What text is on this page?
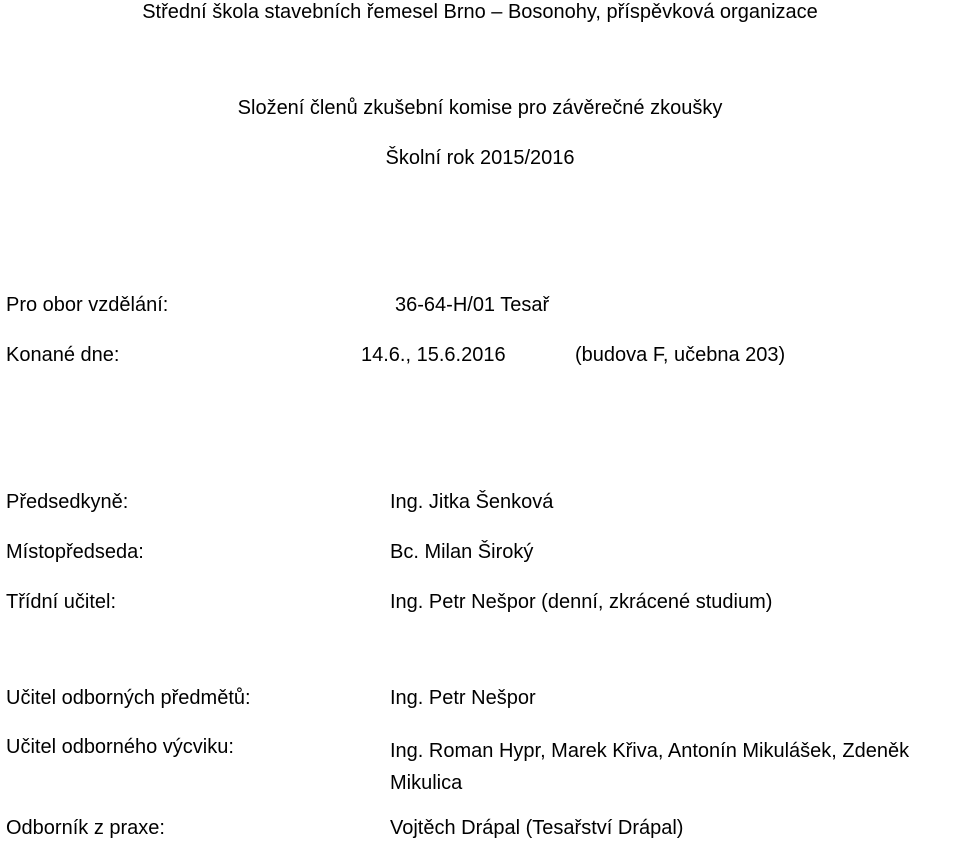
Střední škola stavebních řemesel Brno – Bosonohy, příspěvková organizace
Složení členů zkušební komise pro závěrečné zkoušky
Školní rok 2015/2016
Pro obor vzdělání:	36-64-H/01 Tesař
Konané dne:	14.6., 15.6.2016	(budova F, učebna 203)
Předsedkyně:	Ing. Jitka Šenková
Místopředseda:	Bc. Milan Široký
Třídní učitel:	Ing. Petr Nešpor (denní, zkrácené studium)
Učitel odborných předmětů:	Ing. Petr Nešpor
Učitel odborného výcviku:	Ing. Roman Hypr, Marek Křiva, Antonín Mikulášek, Zdeněk Mikulica
Odborník z praxe:	Vojtěch Drápal (Tesařství Drápal)
